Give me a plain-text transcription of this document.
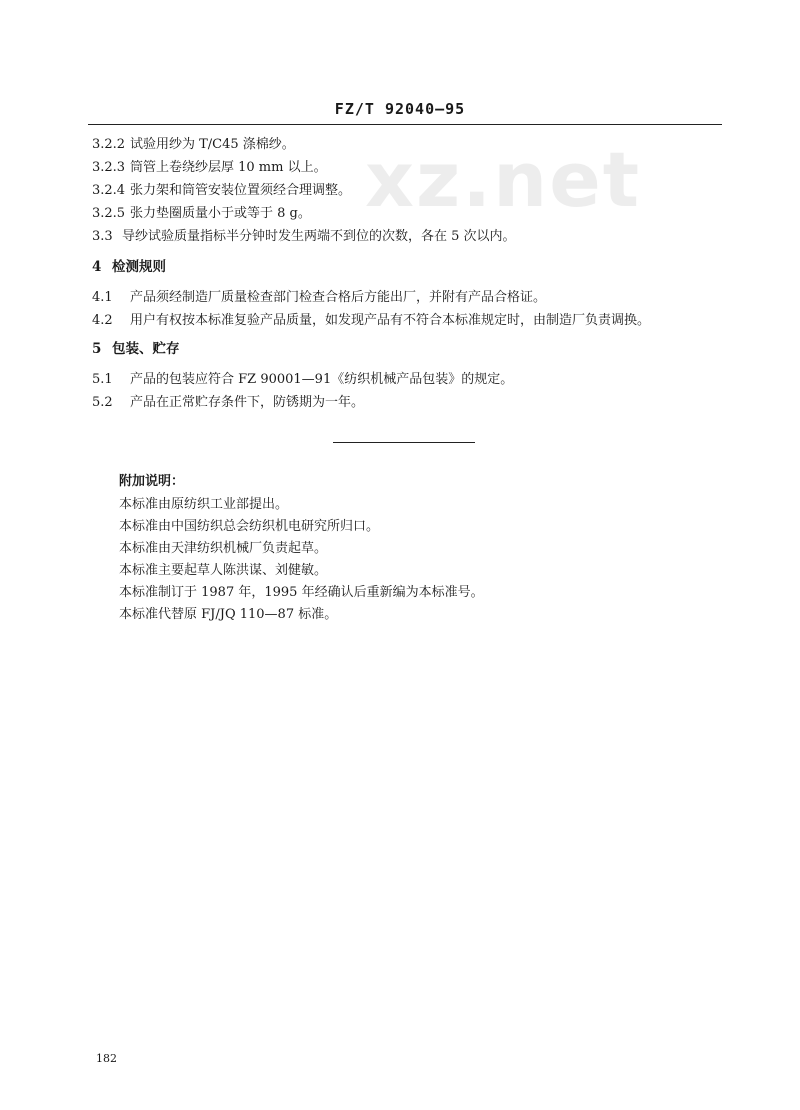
xz.net
FZ/T 92040—95
3.2.2 试验用纱为 T/C45 涤棉纱。
3.2.3 筒管上卷绕纱层厚 10 mm 以上。
3.2.4 张力架和筒管安装位置须经合理调整。
3.2.5 张力垫圈质量小于或等于 8 g。
3.3 导纱试验质量指标半分钟时发生两端不到位的次数，各在 5 次以内。
4 检测规则
4.1 产品须经制造厂质量检查部门检查合格后方能出厂，并附有产品合格证。
4.2 用户有权按本标准复验产品质量，如发现产品有不符合本标准规定时，由制造厂负责调换。
5 包装、贮存
5.1 产品的包装应符合 FZ 90001—91《纺织机械产品包装》的规定。
5.2 产品在正常贮存条件下，防锈期为一年。
附加说明：
本标准由原纺织工业部提出。
本标准由中国纺织总会纺织机电研究所归口。
本标准由天津纺织机械厂负责起草。
本标准主要起草人陈洪谋、刘健敏。
本标准制订于 1987 年，1995 年经确认后重新编为本标准号。
本标准代替原 FJ/JQ 110—87 标准。
182
